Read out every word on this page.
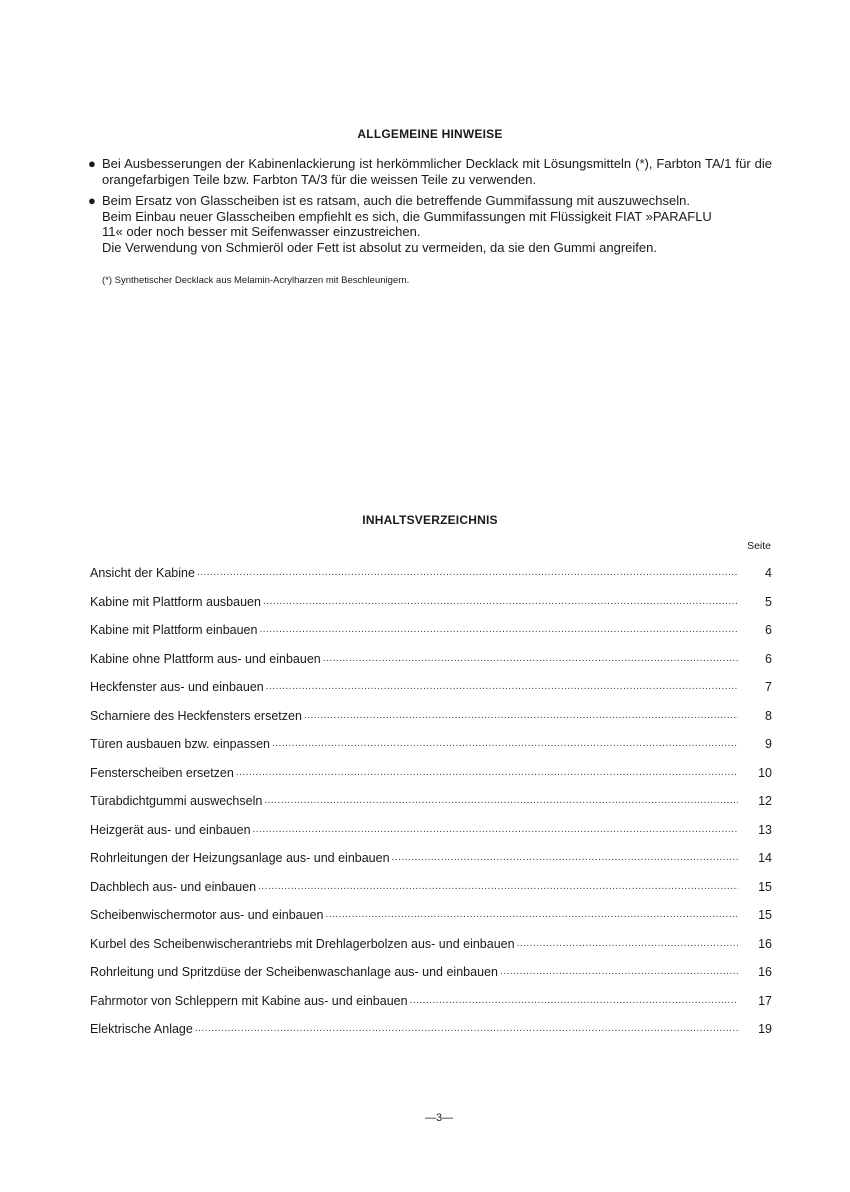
ALLGEMEINE HINWEISE
● Bei Ausbesserungen der Kabinenlackierung ist herkömmlicher Decklack mit Lösungsmitteln (*), Farbton TA/1 für die orangefarbigen Teile bzw. Farbton TA/3 für die weissen Teile zu verwenden.
● Beim Ersatz von Glasscheiben ist es ratsam, auch die betreffende Gummifassung mit auszuwechseln.
Beim Einbau neuer Glasscheiben empfiehlt es sich, die Gummifassungen mit Flüssigkeit FIAT »PARAFLU
11« oder noch besser mit Seifenwasser einzustreichen.
Die Verwendung von Schmieröl oder Fett ist absolut zu vermeiden, da sie den Gummi angreifen.
(*) Synthetischer Decklack aus Melamin-Acrylharzen mit Beschleunigern.
INHALTSVERZEICHNIS
Seite
Ansicht der Kabine .....	4
Kabine mit Plattform ausbauen .....	5
Kabine mit Plattform einbauen .....	6
Kabine ohne Plattform aus- und einbauen .....	6
Heckfenster aus- und einbauen .....	7
Scharniere des Heckfensters ersetzen .....	8
Türen ausbauen bzw. einpassen .....	9
Fensterscheiben ersetzen .....	10
Türabdichtgummi auswechseln .....	12
Heizgerät aus- und einbauen .....	13
Rohrleitungen der Heizungsanlage aus- und einbauen .....	14
Dachblech aus- und einbauen .....	15
Scheibenwischermotor aus- und einbauen .....	15
Kurbel des Scheibenwischerantriebs mit Drehlagerbolzen aus- und einbauen .....	16
Rohrleitung und Spritzdüse der Scheibenwaschanlage aus- und einbauen .....	16
Fahrmotor von Schleppern mit Kabine aus- und einbauen .....	17
Elektrische Anlage .....	19
—3—
